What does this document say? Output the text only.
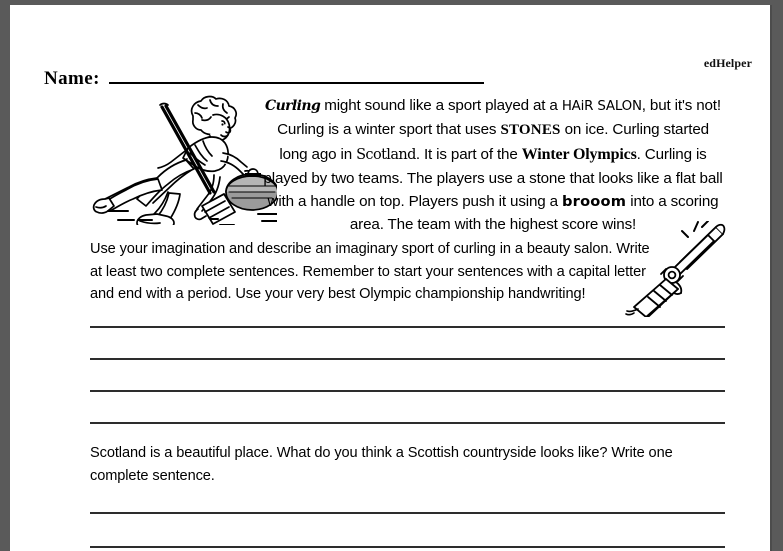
edHelper
Name:
Curling might sound like a sport played at a HAiR SALON, but it's not! Curling is a winter sport that uses STONES on ice. Curling started long ago in Scotland. It is part of the Winter Olympics. Curling is played by two teams. The players use a stone that looks like a flat ball with a handle on top. Players push it using a brooom into a scoring area. The team with the highest score wins!
Use your imagination and describe an imaginary sport of curling in a beauty salon. Write at least two complete sentences. Remember to start your sentences with a capital letter and end with a period. Use your very best Olympic championship handwriting!
Scotland is a beautiful place. What do you think a Scottish countryside looks like? Write one complete sentence.
